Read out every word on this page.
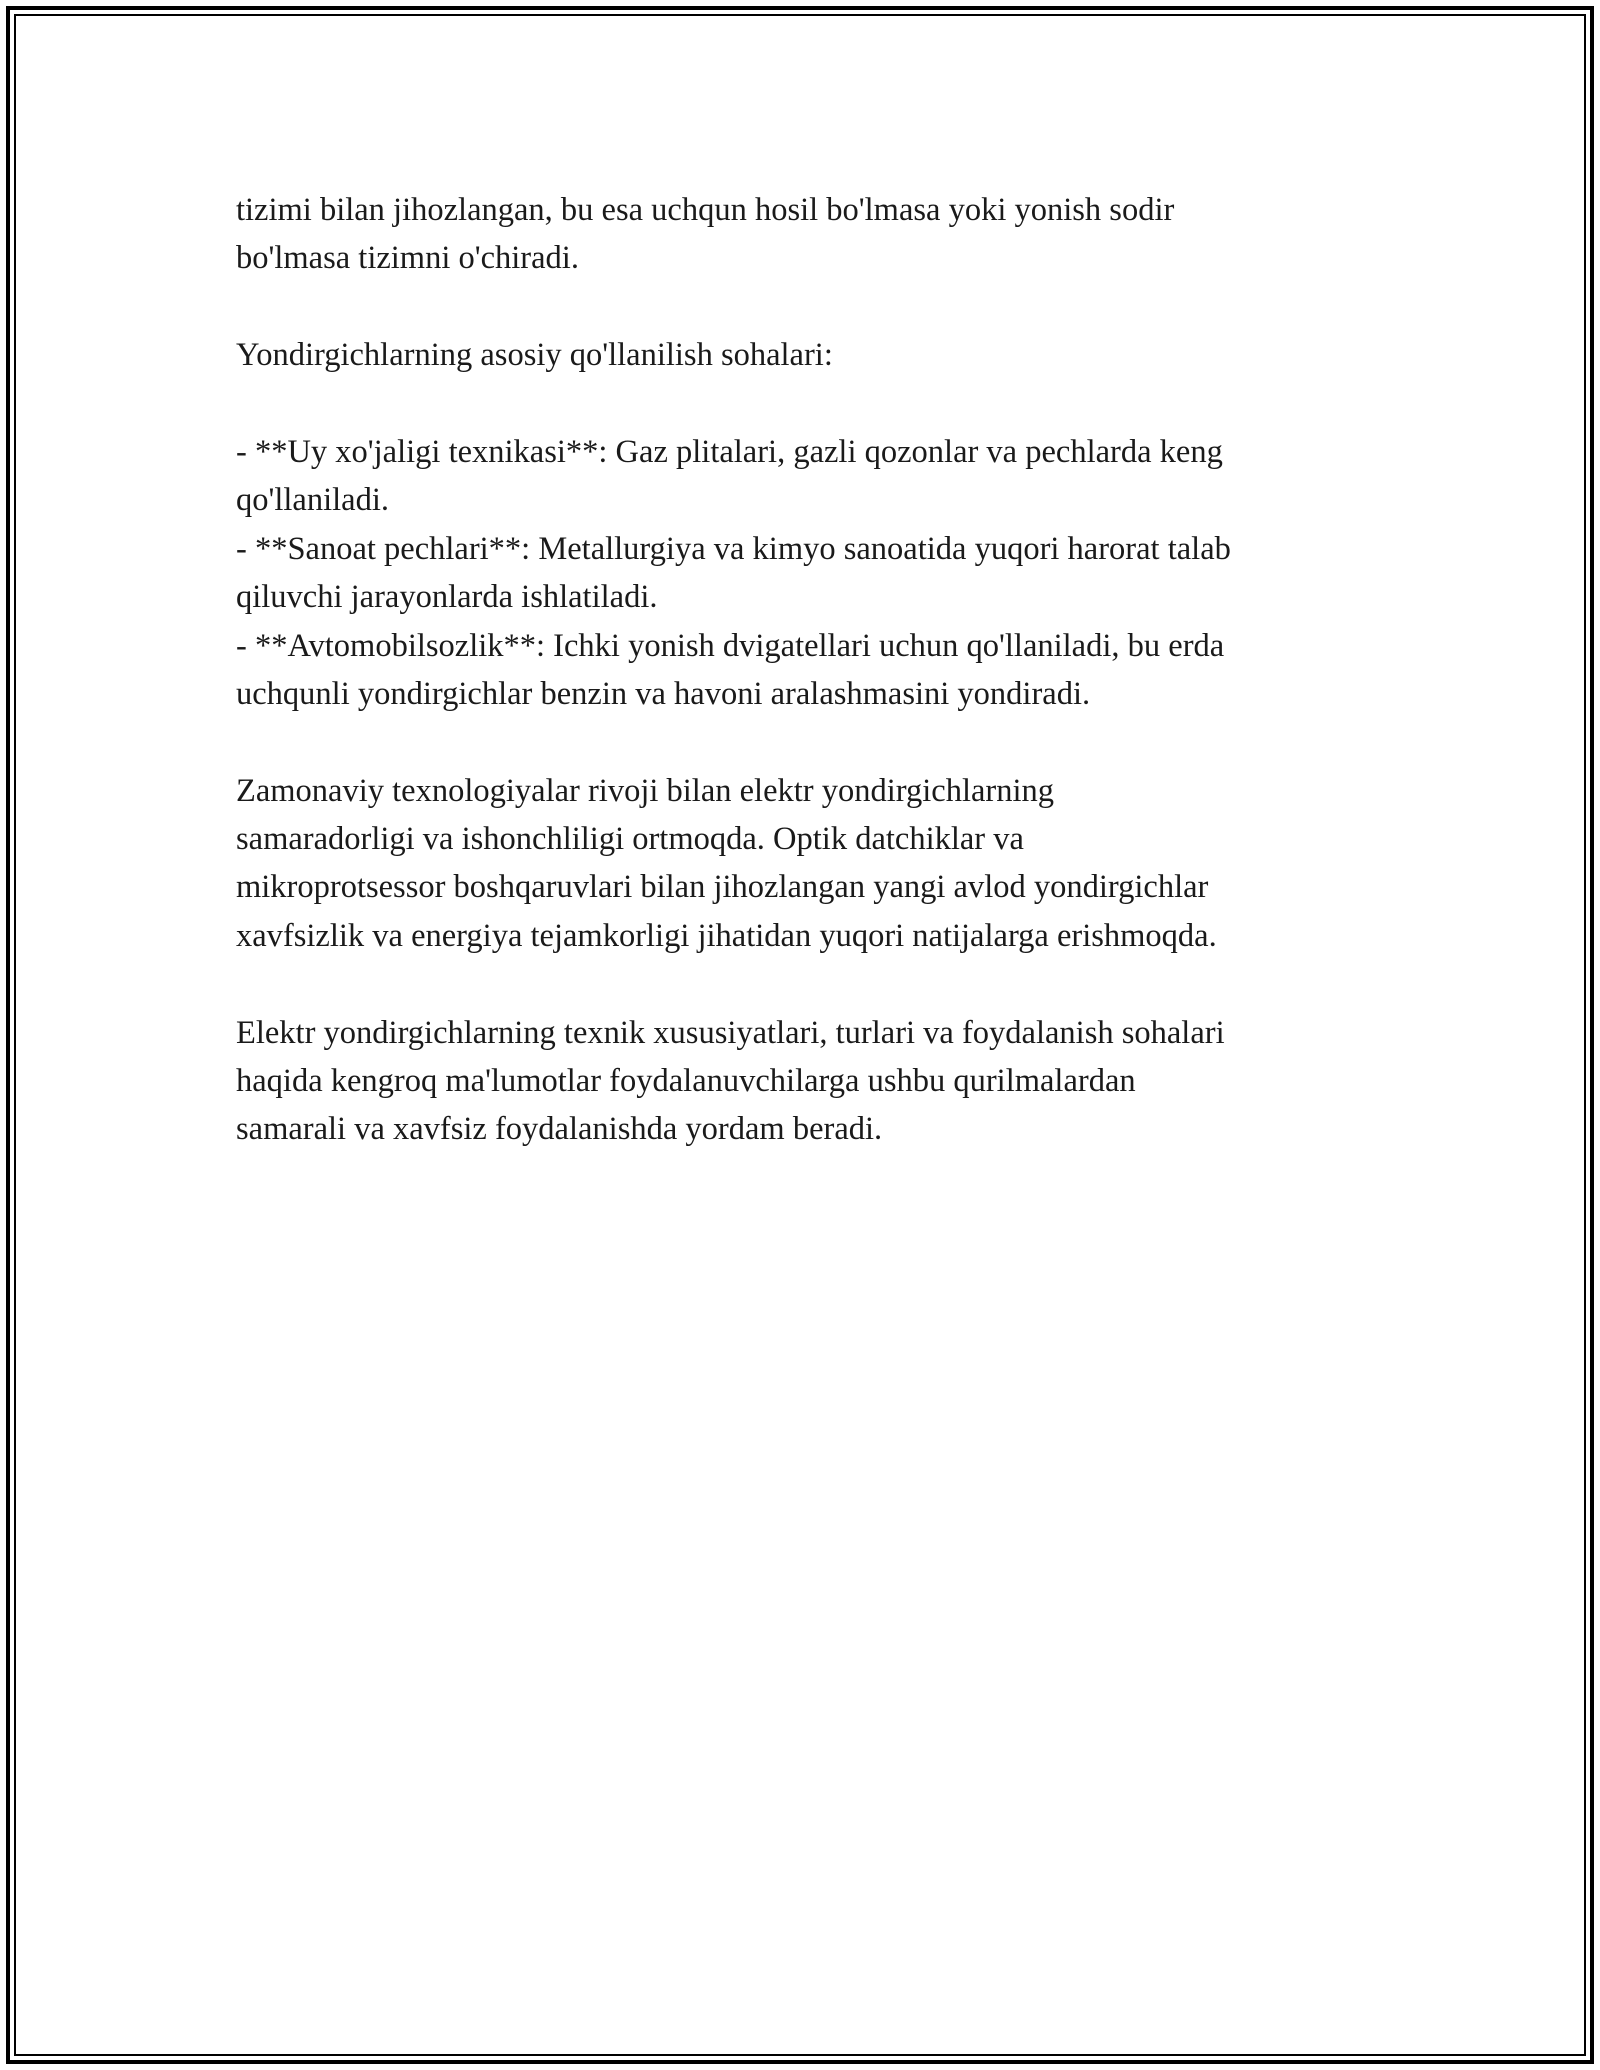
tizimi bilan jihozlangan, bu esa uchqun hosil bo'lmasa yoki yonish sodir
bo'lmasa tizimni o'chiradi.
Yondirgichlarning asosiy qo'llanilish sohalari:
- **Uy xo'jaligi texnikasi**: Gaz plitalari, gazli qozonlar va pechlarda keng
qo'llaniladi.
- **Sanoat pechlari**: Metallurgiya va kimyo sanoatida yuqori harorat talab
qiluvchi jarayonlarda ishlatiladi.
- **Avtomobilsozlik**: Ichki yonish dvigatellari uchun qo'llaniladi, bu erda
uchqunli yondirgichlar benzin va havoni aralashmasini yondiradi.
Zamonaviy texnologiyalar rivoji bilan elektr yondirgichlarning
samaradorligi va ishonchliligi ortmoqda. Optik datchiklar va
mikroprotsessor boshqaruvlari bilan jihozlangan yangi avlod yondirgichlar
xavfsizlik va energiya tejamkorligi jihatidan yuqori natijalarga erishmoqda.
Elektr yondirgichlarning texnik xususiyatlari, turlari va foydalanish sohalari
haqida kengroq ma'lumotlar foydalanuvchilarga ushbu qurilmalardan
samarali va xavfsiz foydalanishda yordam beradi.
